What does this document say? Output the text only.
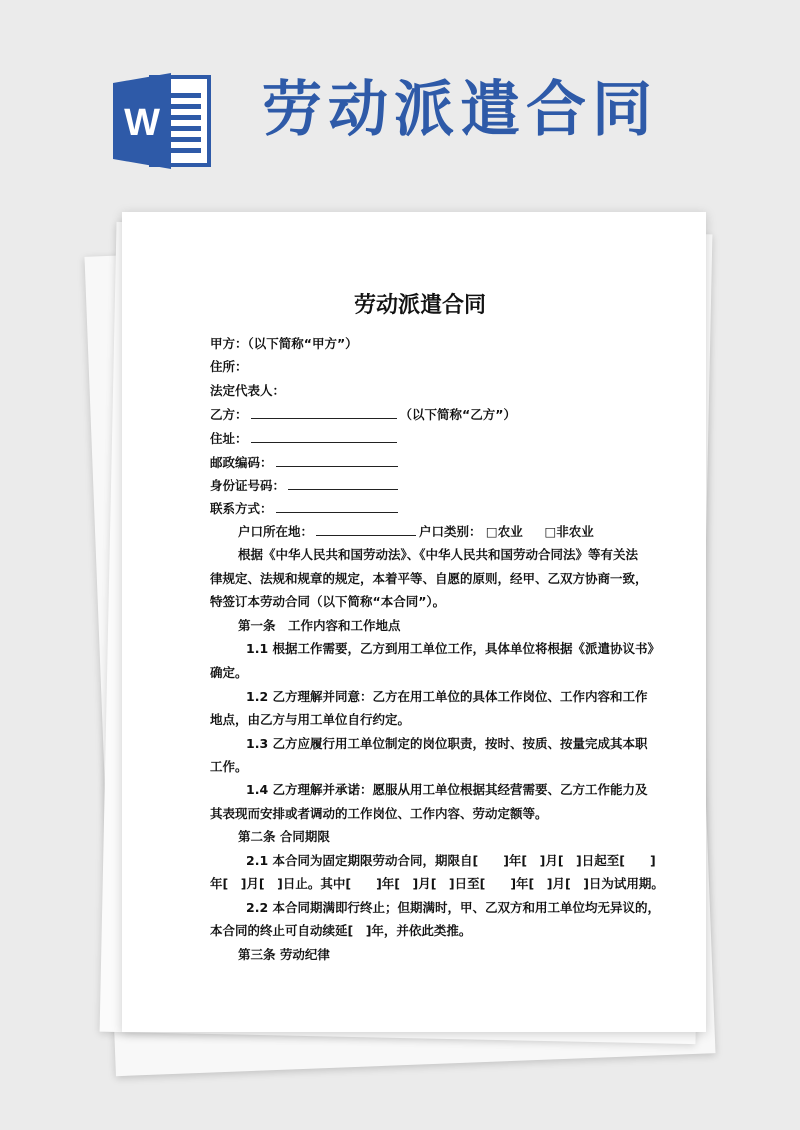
W 劳动派遣合同
劳动派遣合同
甲方：（以下简称“甲方”）
住所：
法定代表人：
乙方：	（以下简称“乙方”）
住址：
邮政编码：
身份证号码：
联系方式：
户口所在地：	户口类别： □农业 □非农业
根据《中华人民共和国劳动法》、《中华人民共和国劳动合同法》等有关法
律规定、法规和规章的规定，本着平等、自愿的原则，经甲、乙双方协商一致，
特签订本劳动合同（以下简称“本合同”）。
第一条　工作内容和工作地点
1.1 根据工作需要，乙方到用工单位工作，具体单位将根据《派遣协议书》
确定。
1.2 乙方理解并同意：乙方在用工单位的具体工作岗位、工作内容和工作
地点，由乙方与用工单位自行约定。
1.3 乙方应履行用工单位制定的岗位职责，按时、按质、按量完成其本职
工作。
1.4 乙方理解并承诺：愿服从用工单位根据其经营需要、乙方工作能力及
其表现而安排或者调动的工作岗位、工作内容、劳动定额等。
第二条 合同期限
2.1 本合同为固定期限劳动合同，期限自[　　]年[　]月[　]日起至[　　]
年[　]月[　]日止。其中[　　]年[　]月[　]日至[　　]年[　]月[　]日为试用期。
2.2 本合同期满即行终止；但期满时，甲、乙双方和用工单位均无异议的，
本合同的终止可自动续延[　]年，并依此类推。
第三条 劳动纪律
